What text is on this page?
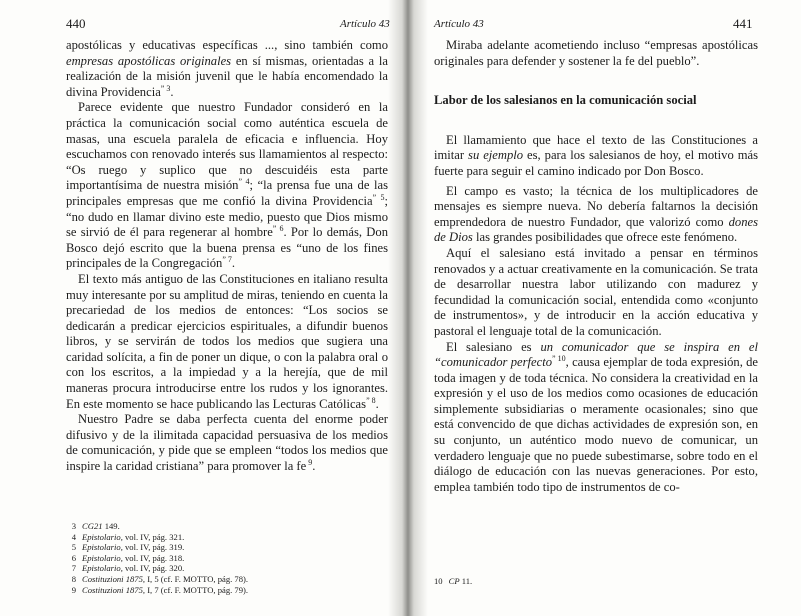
440	Artículo 43

apostólicas y educativas específicas ..., sino también como empresas apostólicas originales en sí mismas, orientadas a la realización de la misión juvenil que le había encomendado la divina Providencia$^{” 3}$.

Parece evidente que nuestro Fundador consideró en la práctica la comunicación social como auténtica escuela de masas, una escuela paralela de eficacia e influencia. Hoy escuchamos con renovado interés sus llamamientos al respecto: “Os ruego y suplico que no descuidéis esta parte importantísima de nuestra misión$^{” 4}$; “la prensa fue una de las principales empresas que me confió la divina Providencia$^{” 5}$; “no dudo en llamar divino este medio, puesto que Dios mismo se sirvió de él para regenerar al hombre$^{” 6}$. Por lo demás, Don Bosco dejó escrito que la buena prensa es “uno de los fines principales de la Congregación$^{” 7}$.

El texto más antiguo de las Constituciones en italiano resulta muy interesante por su amplitud de miras, teniendo en cuenta la precariedad de los medios de entonces: “Los socios se dedicarán a predicar ejercicios espirituales, a difundir buenos libros, y se servirán de todos los medios que sugiera una caridad solícita, a fin de poner un dique, o con la palabra oral o con los escritos, a la impiedad y a la herejía, que de mil maneras procura introducirse entre los rudos y los ignorantes. En este momento se hace publicando las Lecturas Católicas$^{” 8}$.

Nuestro Padre se daba perfecta cuenta del enorme poder difusivo y de la ilimitada capacidad persuasiva de los medios de comunicación, y pide que se empleen “todos los medios que inspire la caridad cristiana” para promover la fe $^9$.

3 CG21 149.
4 Epistolario, vol. IV, pág. 321.
5 Epistolario, vol. IV, pág. 319.
6 Epistolario, vol. IV, pág. 318.
7 Epistolario, vol. IV, pág. 320.
8 Costituzioni 1875, I, 5 (cf. F. MOTTO, pág. 78).
9 Costituzioni 1875, I, 7 (cf. F. MOTTO, pág. 79).
Artículo 43	441

Miraba adelante acometiendo incluso “empresas apostólicas originales para defender y sostener la fe del pueblo”.

Labor de los salesianos en la comunicación social

El llamamiento que hace el texto de las Constituciones a imitar su ejemplo es, para los salesianos de hoy, el motivo más fuerte para seguir el camino indicado por Don Bosco.

El campo es vasto; la técnica de los multiplicadores de mensajes es siempre nueva. No debería faltarnos la decisión emprendedora de nuestro Fundador, que valorizó como dones de Dios las grandes posibilidades que ofrece este fenómeno.

Aquí el salesiano está invitado a pensar en términos renovados y a actuar creativamente en la comunicación. Se trata de desarrollar nuestra labor utilizando con madurez y fecundidad la comunicación social, entendida como «conjunto de instrumentos», y de introducir en la acción educativa y pastoral el lenguaje total de la comunicación.

El salesiano es un comunicador que se inspira en el “comunicador perfecto$^{” 10}$, causa ejemplar de toda expresión, de toda imagen y de toda técnica. No considera la creatividad en la expresión y el uso de los medios como ocasiones de educación simplemente subsidiarias o meramente ocasionales; sino que está convencido de que dichas actividades de expresión son, en su conjunto, un auténtico modo nuevo de comunicar, un verdadero lenguaje que no puede subestimarse, sobre todo en el diálogo de educación con las nuevas generaciones. Por esto, emplea también todo tipo de instrumentos de co-

10 CP 11.
